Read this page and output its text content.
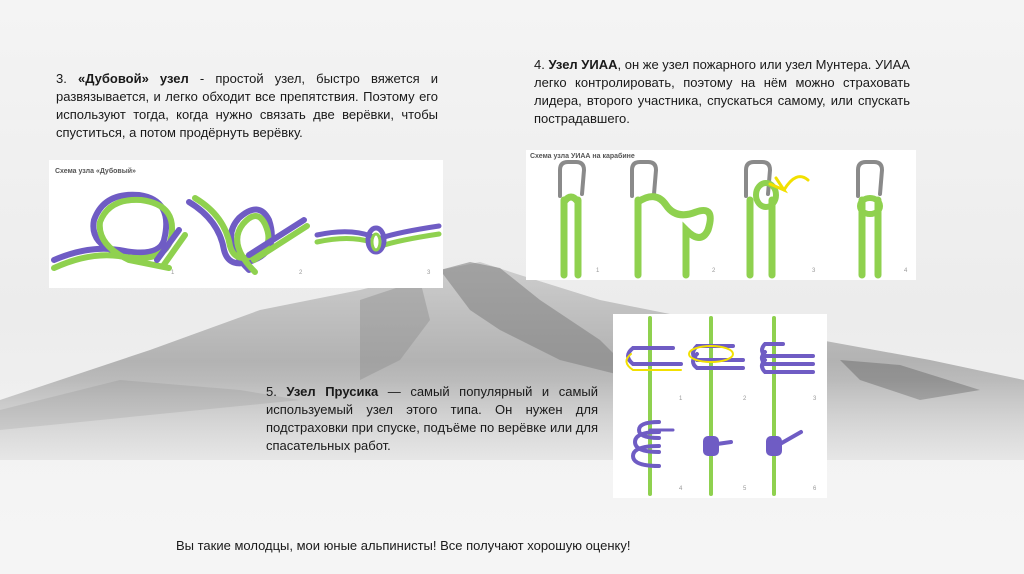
3. «Дубовой» узел - простой узел, быстро вяжется и развязывается, и легко обходит все препятствия. Поэтому его используют тогда, когда нужно связать две верёвки, чтобы спуститься, а потом продёрнуть верёвку.
Схема узла «Дубовый»
1	2	3
4. Узел УИАА, он же узел пожарного или узел Мунтера. УИАА легко контролировать, поэтому на нём можно страховать лидера, второго участника, спускаться самому, или спускать пострадавшего.
Схема узла УИАА на карабине
1	2	3	4
5. Узел Прусика — самый популярный и самый используемый узел этого типа. Он нужен для подстраховки при спуске, подъёме по верёвке или для спасательных работ.
1	2	3
4	5	6
Вы такие молодцы, мои юные альпинисты! Все получают хорошую оценку!
